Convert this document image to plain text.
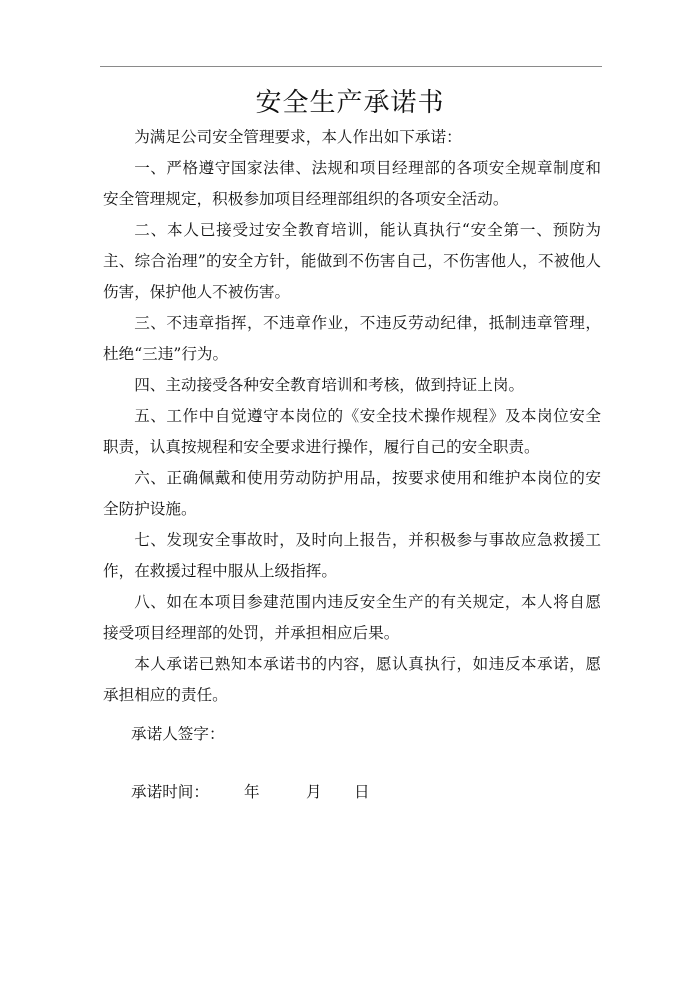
安全生产承诺书

为满足公司安全管理要求，本人作出如下承诺：

一、严格遵守国家法律、法规和项目经理部的各项安全规章制度和安全管理规定，积极参加项目经理部组织的各项安全活动。

二、本人已接受过安全教育培训，能认真执行“安全第一、预防为主、综合治理”的安全方针，能做到不伤害自己，不伤害他人，不被他人伤害，保护他人不被伤害。

三、不违章指挥，不违章作业，不违反劳动纪律，抵制违章管理，杜绝“三违”行为。

四、主动接受各种安全教育培训和考核，做到持证上岗。

五、工作中自觉遵守本岗位的《安全技术操作规程》及本岗位安全职责，认真按规程和安全要求进行操作，履行自己的安全职责。

六、正确佩戴和使用劳动防护用品，按要求使用和维护本岗位的安全防护设施。

七、发现安全事故时，及时向上报告，并积极参与事故应急救援工作，在救援过程中服从上级指挥。

八、如在本项目参建范围内违反安全生产的有关规定，本人将自愿接受项目经理部的处罚，并承担相应后果。

本人承诺已熟知本承诺书的内容，愿认真执行，如违反本承诺，愿承担相应的责任。

承诺人签字：
承诺时间： 年	月 日
